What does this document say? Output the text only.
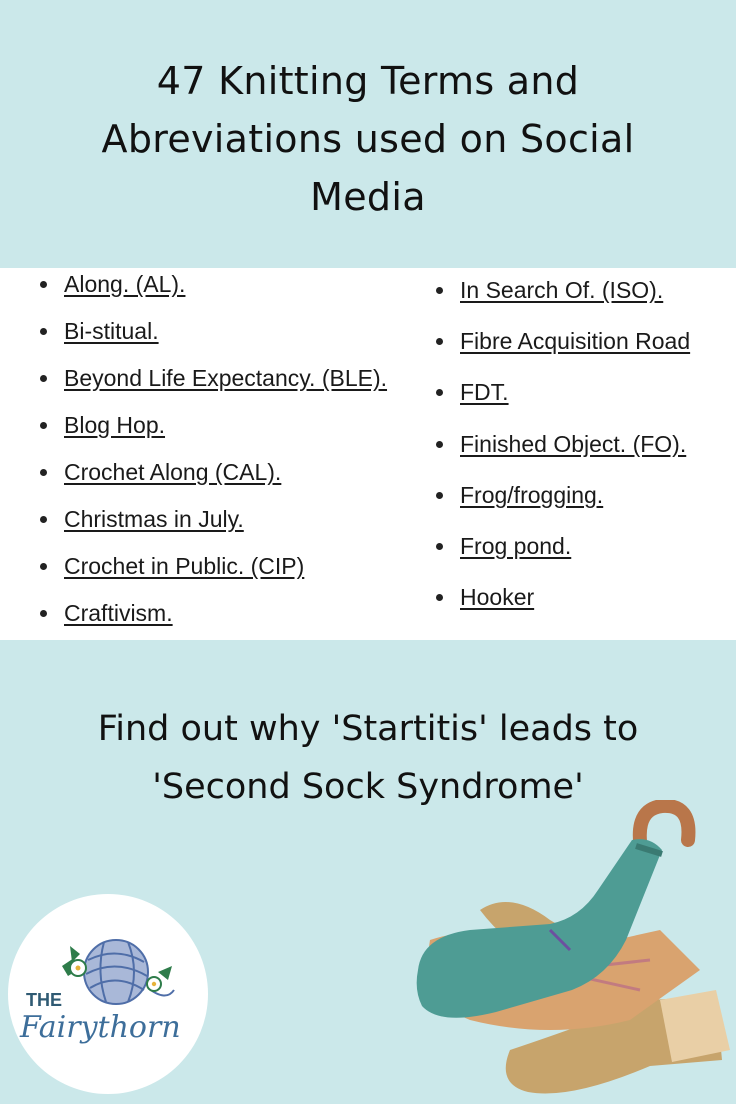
47 Knitting Terms and Abreviations used on Social Media
Along. (AL).
Bi-stitual.
Beyond Life Expectancy. (BLE).
Blog Hop.
Crochet Along (CAL).
Christmas in July.
Crochet in Public. (CIP)
Craftivism.
In Search Of. (ISO).
Fibre Acquisition Road
FDT.
Finished Object. (FO).
Frog/frogging.
Frog pond.
Hooker
Find out why 'Startitis' leads to 'Second Sock Syndrome'
THE
Fairythorn
